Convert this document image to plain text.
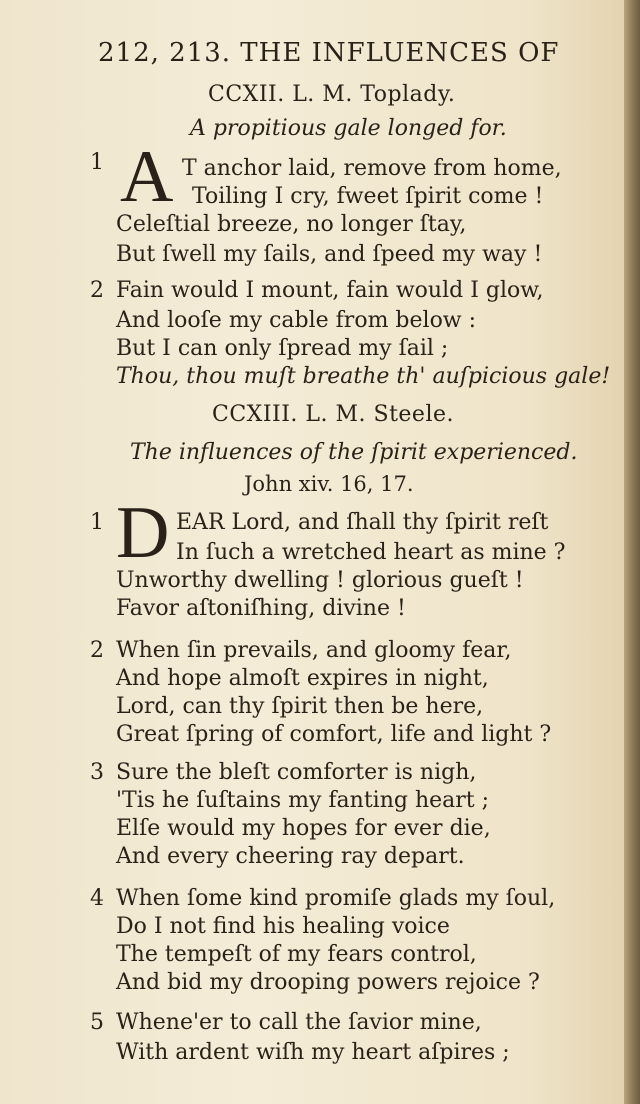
212, 213. THE INFLUENCES OF
CCXII. L. M. Toplady.
A propitious gale longed for.
1 A T anchor laid, remove from home,
Toiling I cry, fweet ſpirit come !
Celeſtial breeze, no longer ſtay,
But ſwell my ſails, and ſpeed my way !
2 Fain would I mount, fain would I glow,
And looſe my cable from below :
But I can only ſpread my ſail ;
Thou, thou muſt breathe th' auſpicious gale!
CCXIII. L. M. Steele.
The influences of the ſpirit experienced.
John xiv. 16, 17.
1 D EAR Lord, and ſhall thy ſpirit reſt
In ſuch a wretched heart as mine ?
Unworthy dwelling ! glorious gueſt !
Favor aſtoniſhing, divine !
2 When ſin prevails, and gloomy fear,
And hope almoſt expires in night,
Lord, can thy ſpirit then be here,
Great ſpring of comfort, life and light ?
3 Sure the bleſt comforter is nigh,
'Tis he ſuſtains my fanting heart ;
Elſe would my hopes for ever die,
And every cheering ray depart.
4 When ſome kind promiſe glads my ſoul,
Do I not find his healing voice
The tempeſt of my fears control,
And bid my drooping powers rejoice ?
5 Whene'er to call the ſavior mine,
With ardent wiſh my heart aſpires ;
